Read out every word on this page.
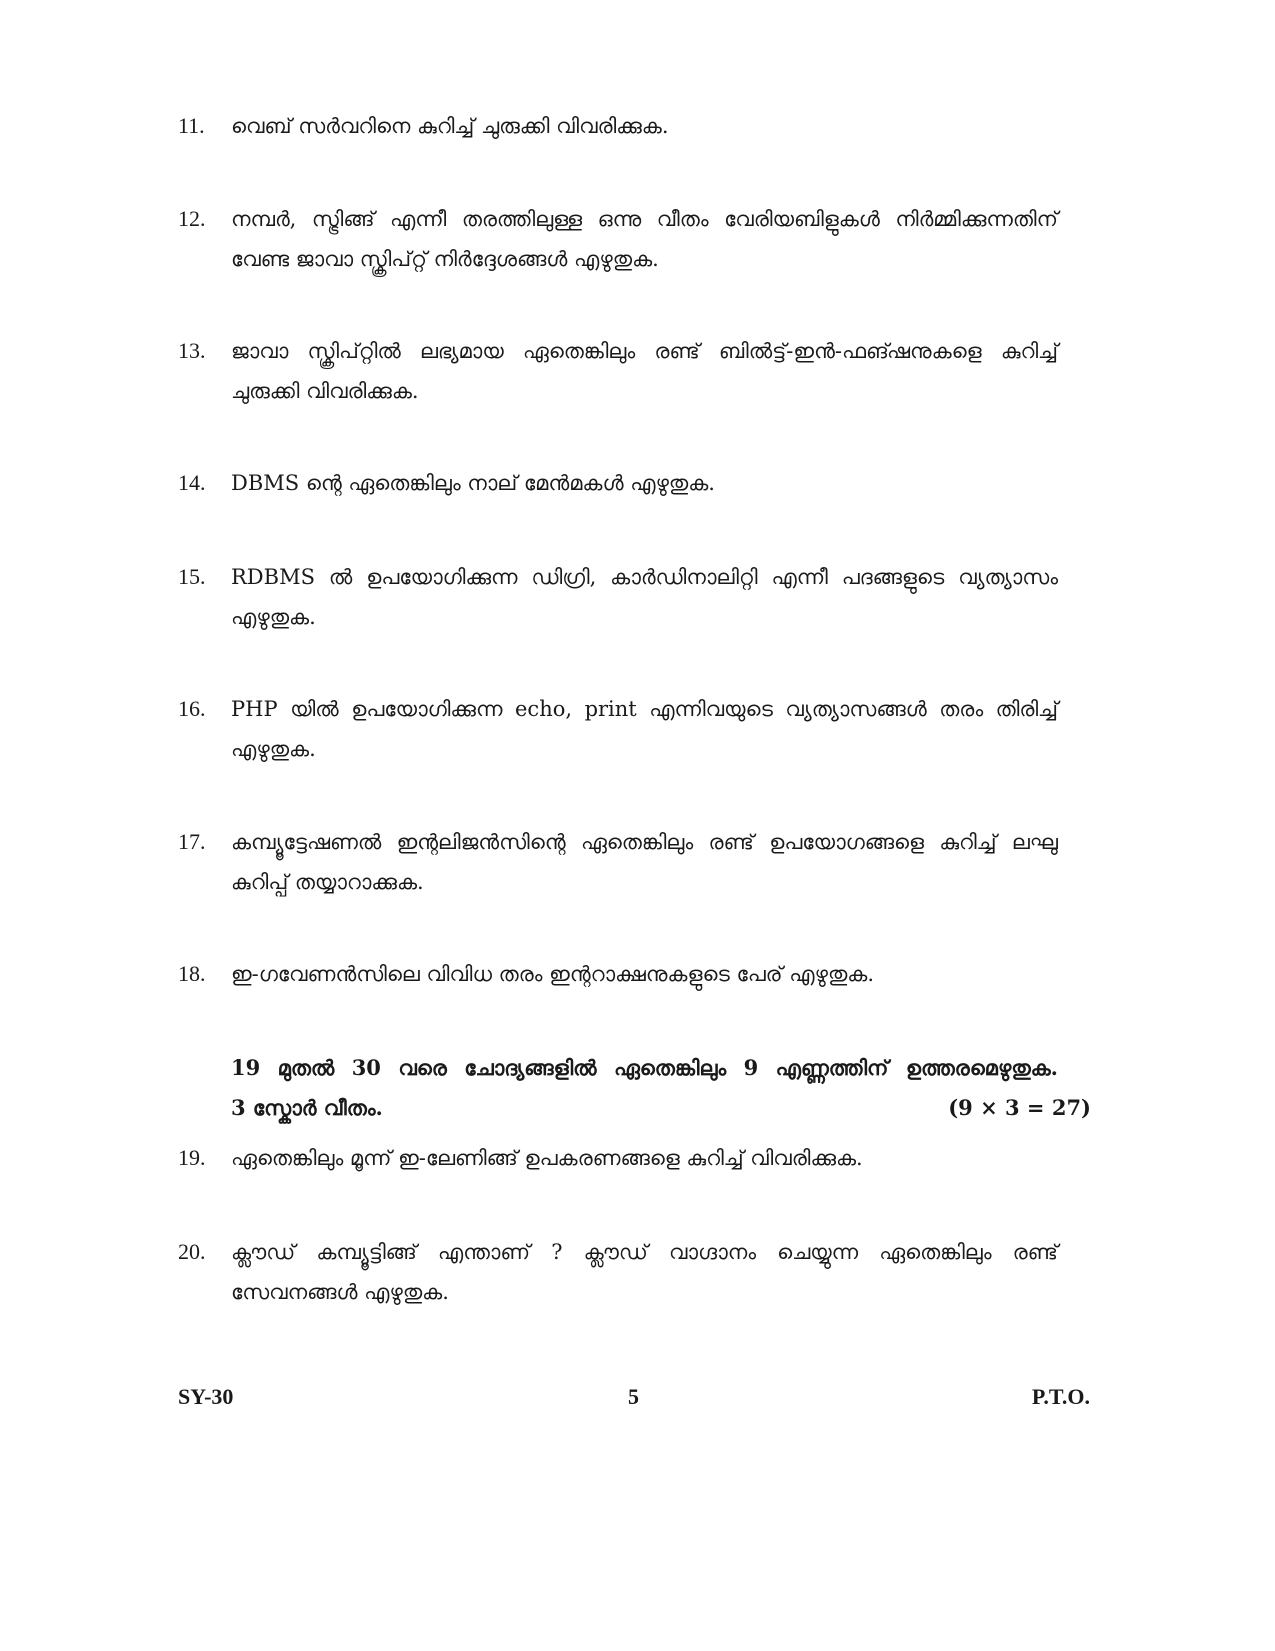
11.	വെബ് സർവറിനെ കുറിച്ച് ചുരുക്കി വിവരിക്കുക.
12.	നമ്പർ, സ്ട്രിങ്ങ് എന്നീ തരത്തിലുള്ള ഒന്നു വീതം വേരിയബിളുകൾ നിർമ്മിക്കുന്നതിന് വേണ്ട ജാവാ സ്ക്രിപ്റ്റ് നിർദ്ദേശങ്ങൾ എഴുതുക.
13.	ജാവാ സ്ക്രിപ്റ്റിൽ ലഭ്യമായ ഏതെങ്കിലും രണ്ട് ബിൽട്ട്-ഇൻ-ഫങ്ഷനുകളെ കുറിച്ച് ചുരുക്കി വിവരിക്കുക.
14.	DBMS ന്റെ ഏതെങ്കിലും നാല് മേൻമകൾ എഴുതുക.
15.	RDBMS ൽ ഉപയോഗിക്കുന്ന ഡിഗ്രി, കാർഡിനാലിറ്റി എന്നീ പദങ്ങളുടെ വ്യത്യാസം എഴുതുക.
16.	PHP യിൽ ഉപയോഗിക്കുന്ന echo, print എന്നിവയുടെ വ്യത്യാസങ്ങൾ തരം തിരിച്ച് എഴുതുക.
17.	കമ്പ്യൂട്ടേഷണൽ ഇന്റലിജൻസിന്റെ ഏതെങ്കിലും രണ്ട് ഉപയോഗങ്ങളെ കുറിച്ച് ലഘു കുറിപ്പ് തയ്യാറാക്കുക.
18.	ഇ-ഗവേണൻസിലെ വിവിധ തരം ഇന്ററാക്ഷനുകളുടെ പേര് എഴുതുക.
19 മുതൽ 30 വരെ ചോദ്യങ്ങളിൽ ഏതെങ്കിലും 9 എണ്ണത്തിന് ഉത്തരമെഴുതുക.
3 സ്കോർ വീതം.	(9 × 3 = 27)
19.	ഏതെങ്കിലും മൂന്ന് ഇ-ലേണിങ്ങ് ഉപകരണങ്ങളെ കുറിച്ച് വിവരിക്കുക.
20.	ക്ലൗഡ് കമ്പ്യൂട്ടിങ്ങ് എന്താണ് ? ക്ലൗഡ് വാഗ്ദാനം ചെയ്യുന്ന ഏതെങ്കിലും രണ്ട് സേവനങ്ങൾ എഴുതുക.
SY-30	5	P.T.O.
